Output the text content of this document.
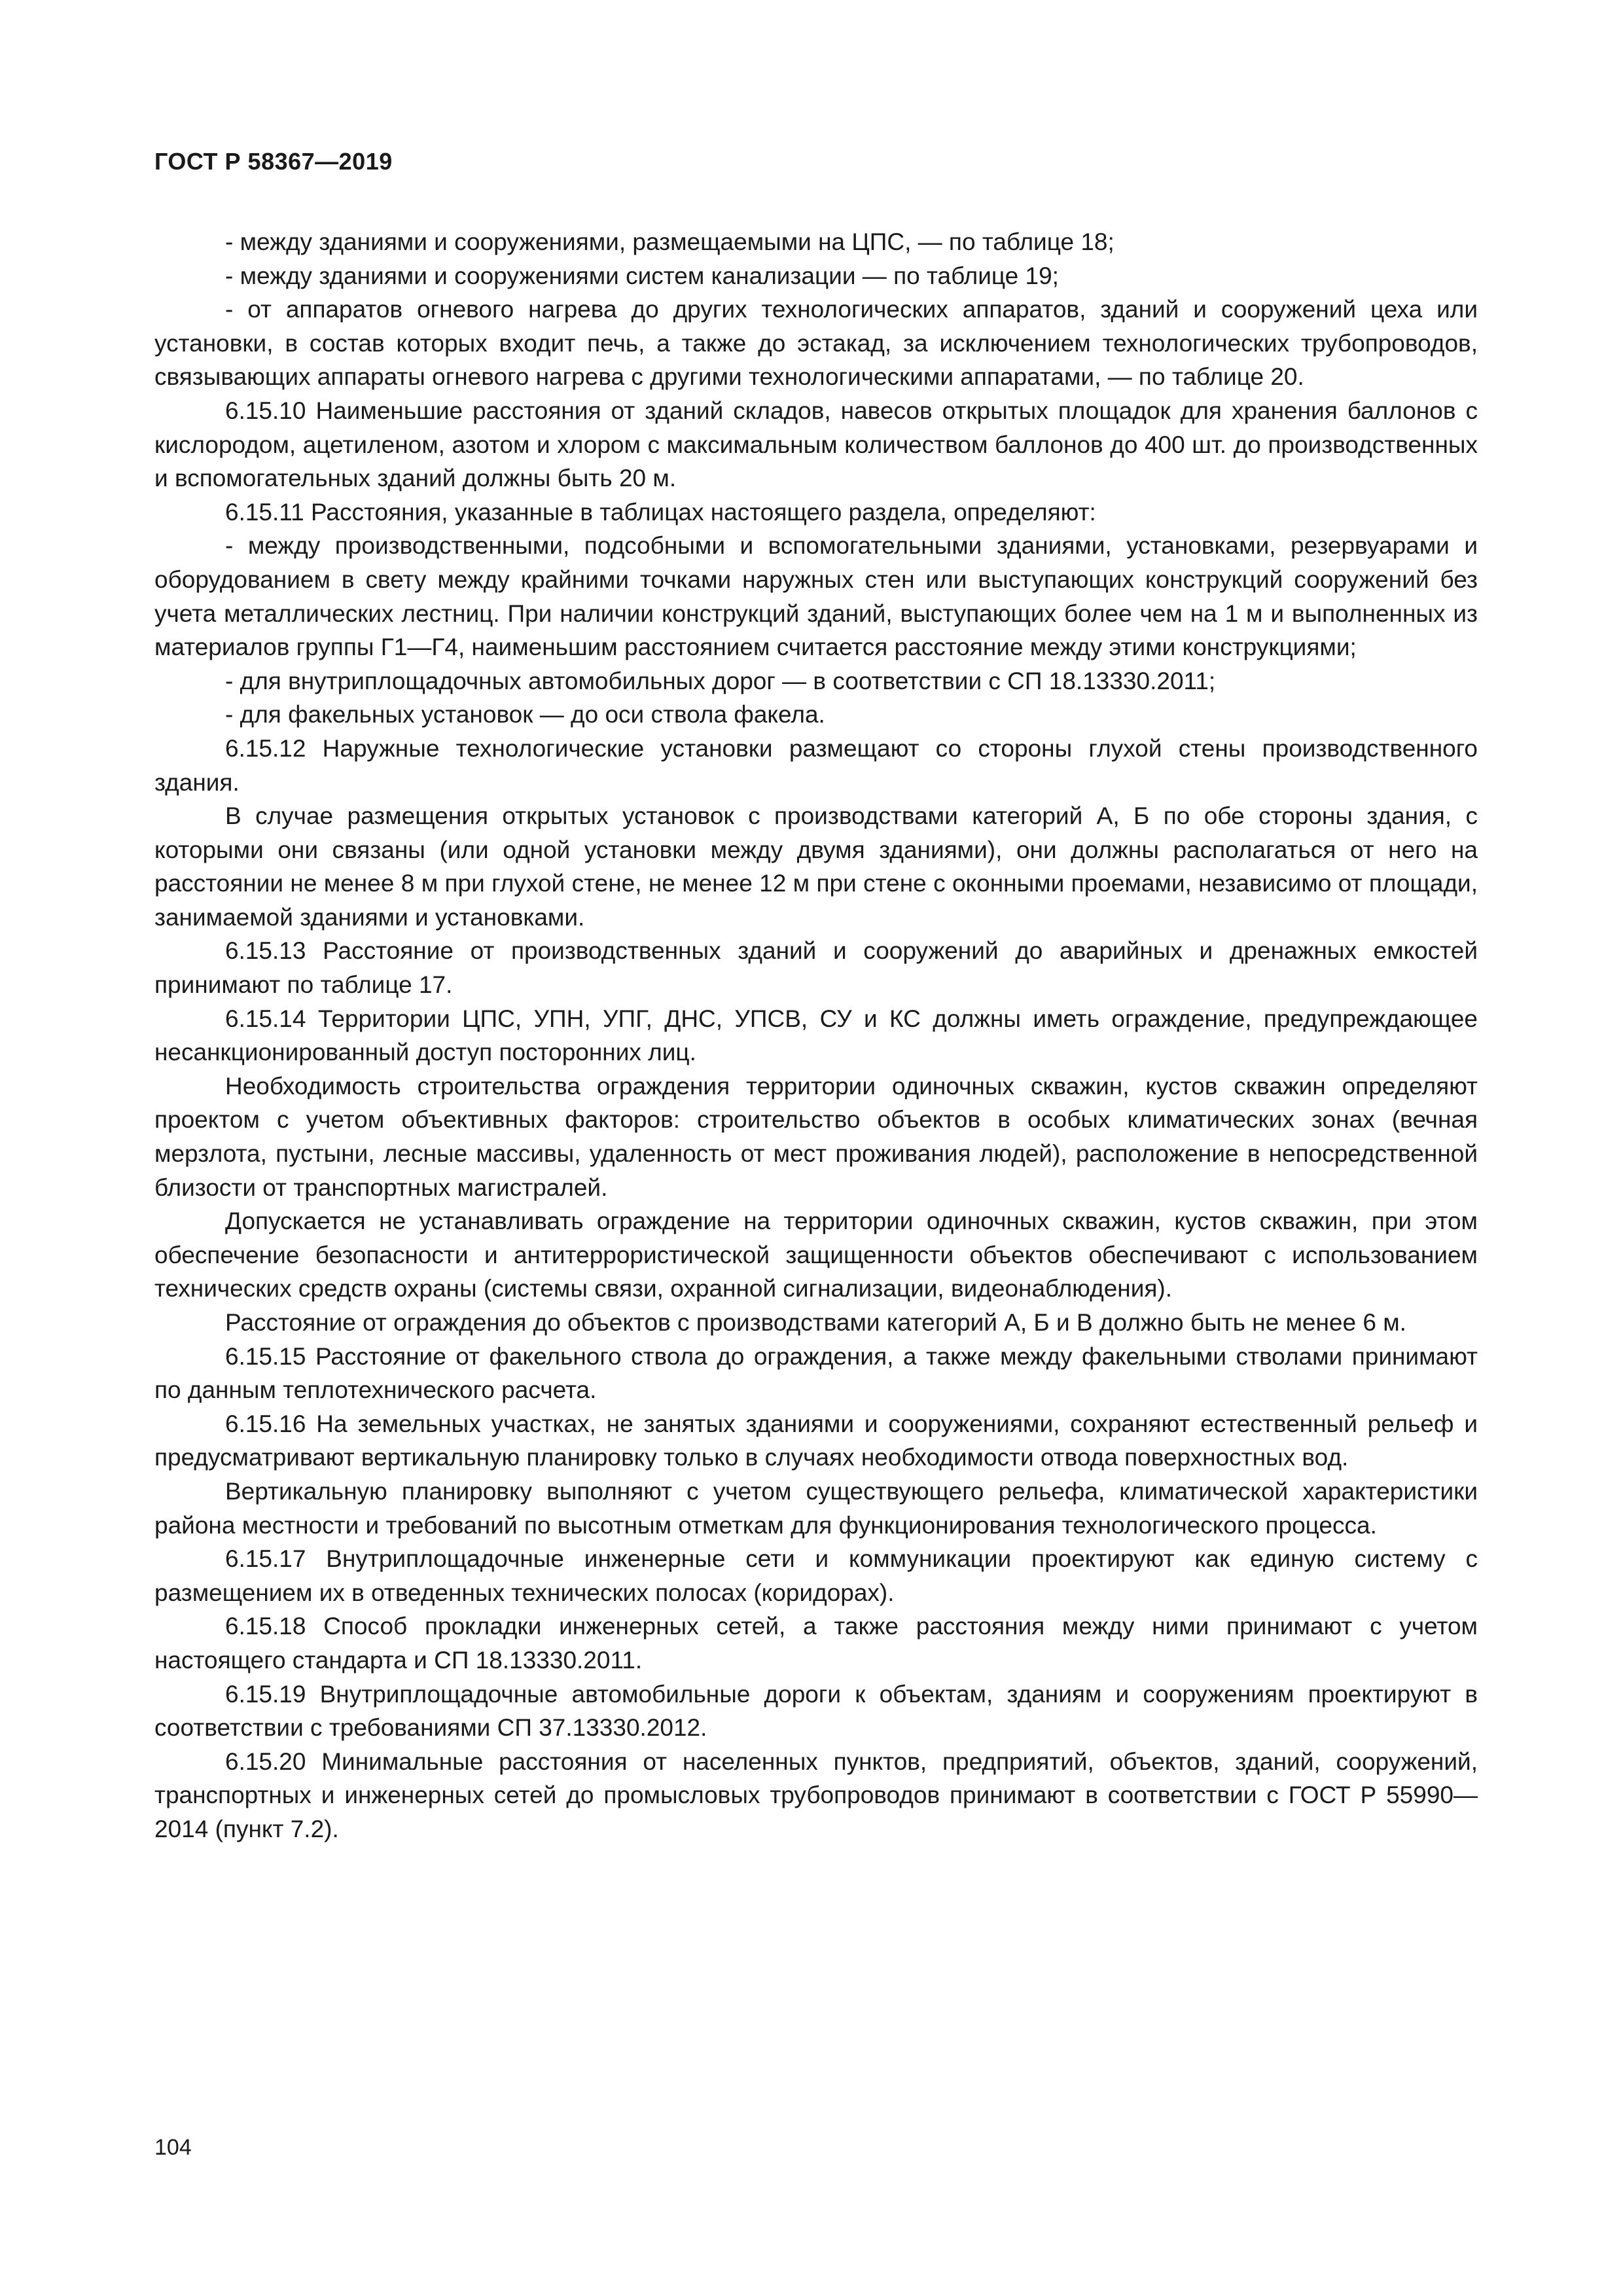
ГОСТ Р 58367—2019

- между зданиями и сооружениями, размещаемыми на ЦПС, — по таблице 18;

- между зданиями и сооружениями систем канализации — по таблице 19;

- от аппаратов огневого нагрева до других технологических аппаратов, зданий и сооружений цеха или установки, в состав которых входит печь, а также до эстакад, за исключением технологических трубопроводов, связывающих аппараты огневого нагрева с другими технологическими аппаратами, — по таблице 20.

6.15.10 Наименьшие расстояния от зданий складов, навесов открытых площадок для хранения баллонов с кислородом, ацетиленом, азотом и хлором с максимальным количеством баллонов до 400 шт. до производственных и вспомогательных зданий должны быть 20 м.

6.15.11 Расстояния, указанные в таблицах настоящего раздела, определяют:

- между производственными, подсобными и вспомогательными зданиями, установками, резервуарами и оборудованием в свету между крайними точками наружных стен или выступающих конструкций сооружений без учета металлических лестниц. При наличии конструкций зданий, выступающих более чем на 1 м и выполненных из материалов группы Г1—Г4, наименьшим расстоянием считается расстояние между этими конструкциями;

- для внутриплощадочных автомобильных дорог — в соответствии с СП 18.13330.2011;

- для факельных установок — до оси ствола факела.

6.15.12 Наружные технологические установки размещают со стороны глухой стены производственного здания.

В случае размещения открытых установок с производствами категорий А, Б по обе стороны здания, с которыми они связаны (или одной установки между двумя зданиями), они должны располагаться от него на расстоянии не менее 8 м при глухой стене, не менее 12 м при стене с оконными проемами, независимо от площади, занимаемой зданиями и установками.

6.15.13 Расстояние от производственных зданий и сооружений до аварийных и дренажных емкостей принимают по таблице 17.

6.15.14 Территории ЦПС, УПН, УПГ, ДНС, УПСВ, СУ и КС должны иметь ограждение, предупреждающее несанкционированный доступ посторонних лиц.

Необходимость строительства ограждения территории одиночных скважин, кустов скважин определяют проектом с учетом объективных факторов: строительство объектов в особых климатических зонах (вечная мерзлота, пустыни, лесные массивы, удаленность от мест проживания людей), расположение в непосредственной близости от транспортных магистралей.

Допускается не устанавливать ограждение на территории одиночных скважин, кустов скважин, при этом обеспечение безопасности и антитеррористической защищенности объектов обеспечивают с использованием технических средств охраны (системы связи, охранной сигнализации, видеонаблюдения).

Расстояние от ограждения до объектов с производствами категорий А, Б и В должно быть не менее 6 м.

6.15.15 Расстояние от факельного ствола до ограждения, а также между факельными стволами принимают по данным теплотехнического расчета.

6.15.16 На земельных участках, не занятых зданиями и сооружениями, сохраняют естественный рельеф и предусматривают вертикальную планировку только в случаях необходимости отвода поверхностных вод.

Вертикальную планировку выполняют с учетом существующего рельефа, климатической характеристики района местности и требований по высотным отметкам для функционирования технологического процесса.

6.15.17 Внутриплощадочные инженерные сети и коммуникации проектируют как единую систему с размещением их в отведенных технических полосах (коридорах).

6.15.18 Способ прокладки инженерных сетей, а также расстояния между ними принимают с учетом настоящего стандарта и СП 18.13330.2011.

6.15.19 Внутриплощадочные автомобильные дороги к объектам, зданиям и сооружениям проектируют в соответствии с требованиями СП 37.13330.2012.

6.15.20 Минимальные расстояния от населенных пунктов, предприятий, объектов, зданий, сооружений, транспортных и инженерных сетей до промысловых трубопроводов принимают в соответствии с ГОСТ Р 55990—2014 (пункт 7.2).

104
